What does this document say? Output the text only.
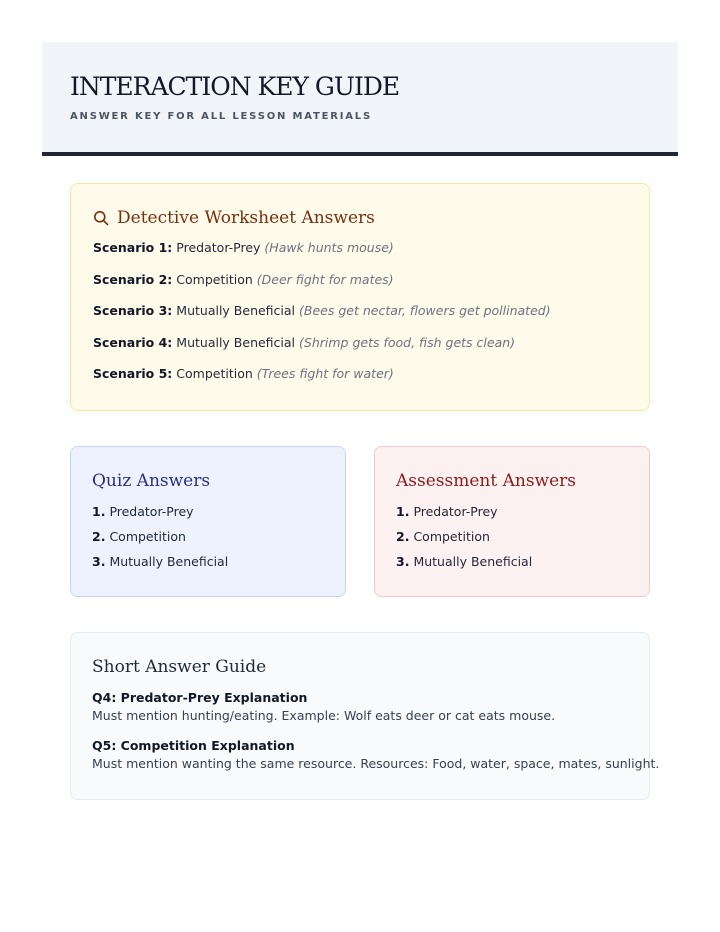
INTERACTION KEY GUIDE
ANSWER KEY FOR ALL LESSON MATERIALS
Detective Worksheet Answers
Scenario 1: Predator-Prey (Hawk hunts mouse)
Scenario 2: Competition (Deer fight for mates)
Scenario 3: Mutually Beneficial (Bees get nectar, flowers get pollinated)
Scenario 4: Mutually Beneficial (Shrimp gets food, fish gets clean)
Scenario 5: Competition (Trees fight for water)
Quiz Answers
1. Predator-Prey
2. Competition
3. Mutually Beneficial
Assessment Answers
1. Predator-Prey
2. Competition
3. Mutually Beneficial
Short Answer Guide
Q4: Predator-Prey Explanation
Must mention hunting/eating. Example: Wolf eats deer or cat eats mouse.
Q5: Competition Explanation
Must mention wanting the same resource. Resources: Food, water, space, mates, sunlight.
